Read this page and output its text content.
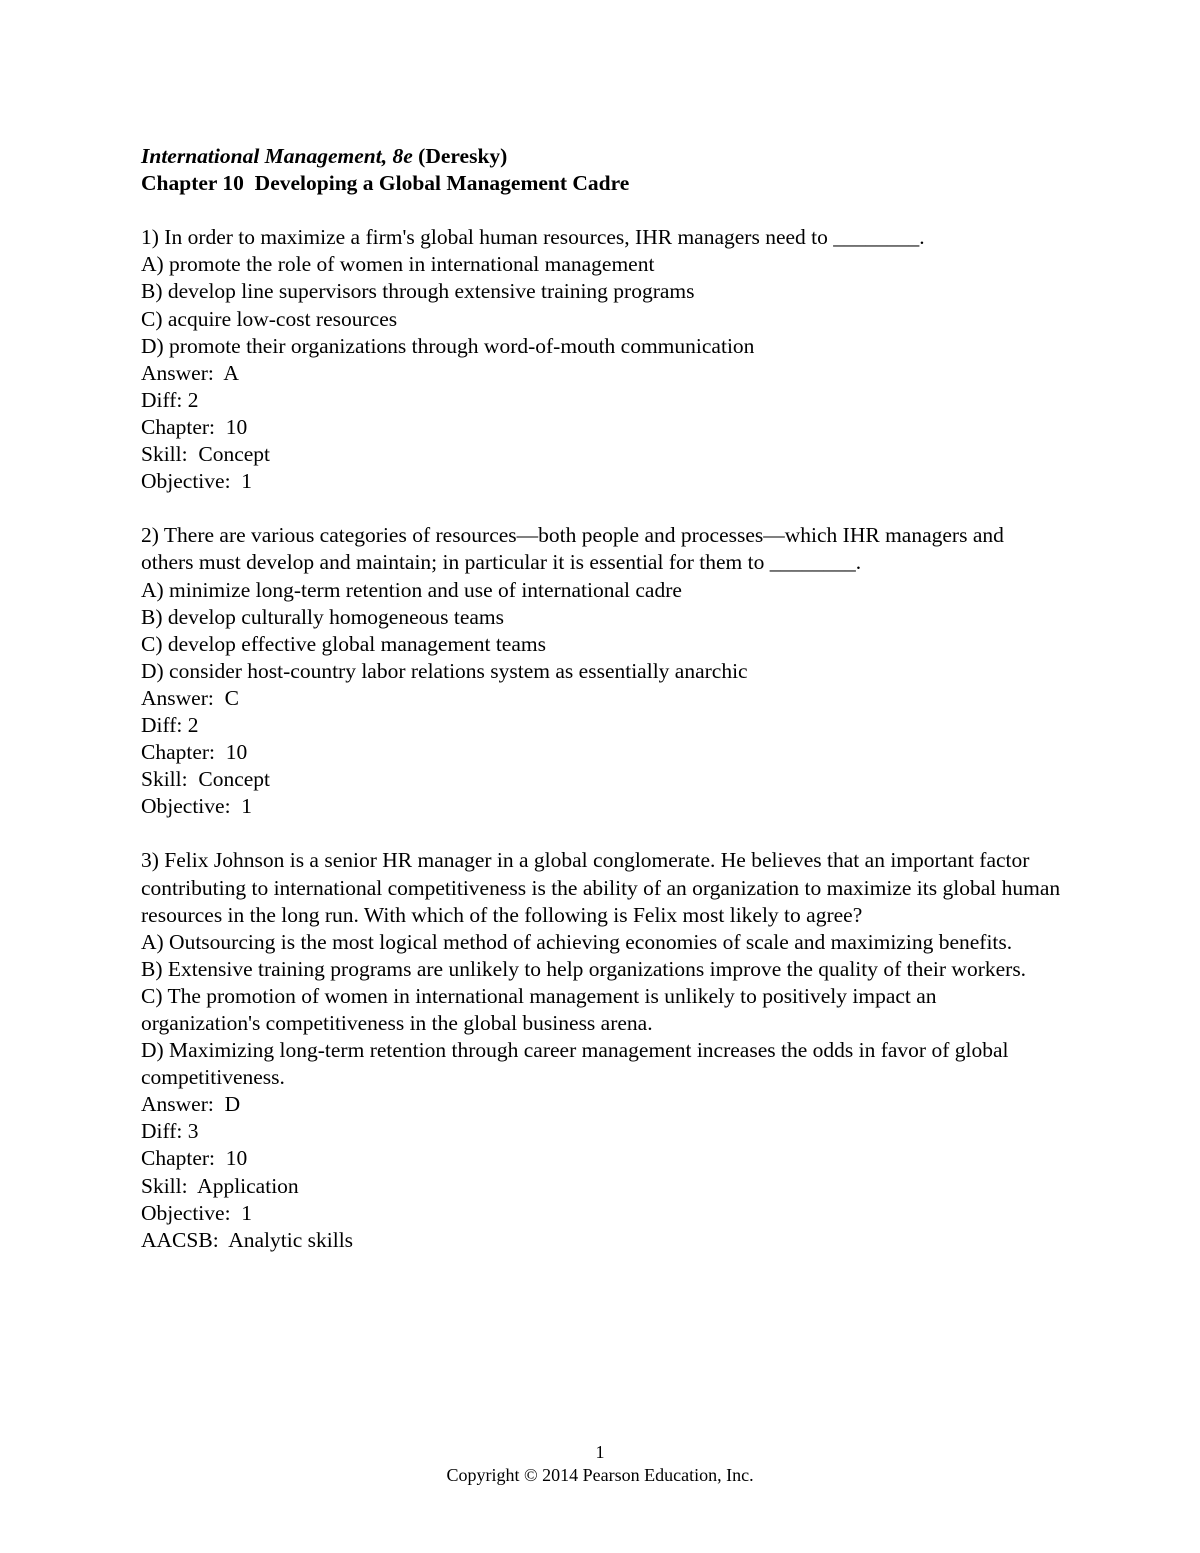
International Management, 8e (Deresky)
Chapter 10  Developing a Global Management Cadre

1) In order to maximize a firm's global human resources, IHR managers need to ________.

A) promote the role of women in international management

B) develop line supervisors through extensive training programs

C) acquire low-cost resources

D) promote their organizations through word-of-mouth communication

Answer:  A

Diff: 2

Chapter:  10

Skill:  Concept

Objective:  1

2) There are various categories of resources—both people and processes—which IHR managers and others must develop and maintain; in particular it is essential for them to ________.

A) minimize long-term retention and use of international cadre

B) develop culturally homogeneous teams

C) develop effective global management teams

D) consider host-country labor relations system as essentially anarchic

Answer:  C

Diff: 2

Chapter:  10

Skill:  Concept

Objective:  1

3) Felix Johnson is a senior HR manager in a global conglomerate. He believes that an important factor contributing to international competitiveness is the ability of an organization to maximize its global human resources in the long run. With which of the following is Felix most likely to agree?

A) Outsourcing is the most logical method of achieving economies of scale and maximizing benefits.

B) Extensive training programs are unlikely to help organizations improve the quality of their workers.

C) The promotion of women in international management is unlikely to positively impact an organization's competitiveness in the global business arena.

D) Maximizing long-term retention through career management increases the odds in favor of global competitiveness.

Answer:  D

Diff: 3

Chapter:  10

Skill:  Application

Objective:  1

AACSB:  Analytic skills

1
Copyright © 2014 Pearson Education, Inc.
